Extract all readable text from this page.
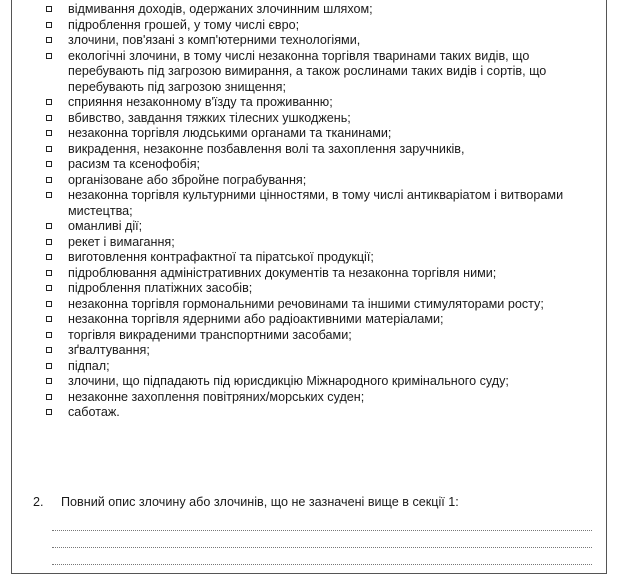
відмивання доходів, одержаних злочинним шляхом;
підроблення грошей, у тому числі євро;
злочини, пов'язані з комп'ютерними технологіями,
екологічні злочини, в тому числі незаконна торгівля тваринами таких видів, що перебувають під загрозою вимирання, а також рослинами таких видів і сортів, що перебувають під загрозою знищення;
сприяння незаконному в'їзду та проживанню;
вбивство, завдання тяжких тілесних ушкоджень;
незаконна торгівля людськими органами та тканинами;
викрадення, незаконне позбавлення волі та захоплення заручників,
расизм та ксенофобія;
організоване або збройне пограбування;
незаконна торгівля культурними цінностями, в тому числі антикваріатом і витворами мистецтва;
оманливі дії;
рекет і вимагання;
виготовлення контрафактної та піратської продукції;
підроблювання адміністративних документів та незаконна торгівля ними;
підроблення платіжних засобів;
незаконна торгівля гормональними речовинами та іншими стимуляторами росту;
незаконна торгівля ядерними або радіоактивними матеріалами;
торгівля викраденими транспортними засобами;
зґвалтування;
підпал;
злочини, що підпадають під юрисдикцію Міжнародного кримінального суду;
незаконне захоплення повітряних/морських суден;
саботаж.
2. Повний опис злочину або злочинів, що не зазначені вище в секції 1:
